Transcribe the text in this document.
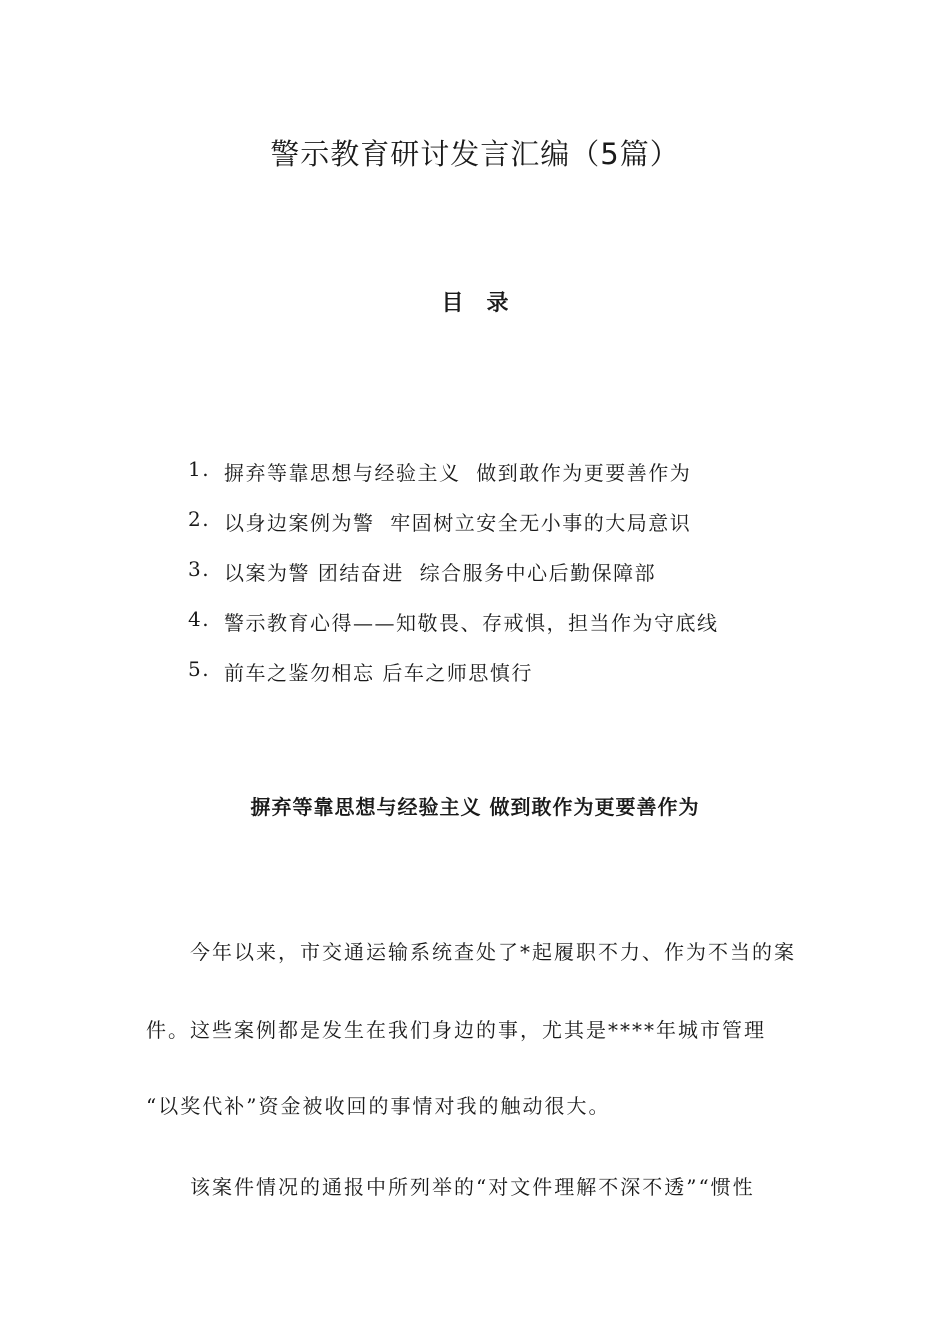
警示教育研讨发言汇编（5篇）
目   录
1. 摒弃等靠思想与经验主义  做到敢作为更要善作为
2. 以身边案例为警  牢固树立安全无小事的大局意识
3. 以案为警 团结奋进  综合服务中心后勤保障部
4. 警示教育心得——知敬畏、存戒惧，担当作为守底线
5. 前车之鉴勿相忘 后车之师思慎行
摒弃等靠思想与经验主义 做到敢作为更要善作为
今年以来，市交通运输系统查处了*起履职不力、作为不当的案
件。这些案例都是发生在我们身边的事，尤其是****年城市管理
“以奖代补”资金被收回的事情对我的触动很大。
该案件情况的通报中所列举的“对文件理解不深不透”“惯性
